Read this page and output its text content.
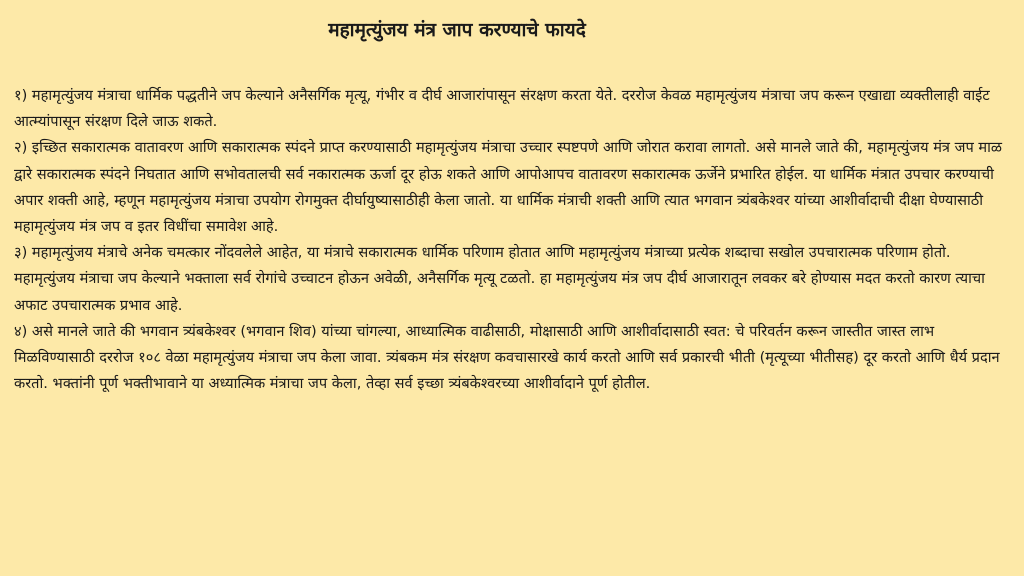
महामृत्युंजय मंत्र जाप करण्याचे फायदे

१) महामृत्युंजय मंत्राचा धार्मिक पद्धतीने जप केल्याने अनैसर्गिक मृत्यू, गंभीर व दीर्घ आजारांपासून संरक्षण करता येते. दररोज केवळ महामृत्युंजय मंत्राचा जप करून एखाद्या व्यक्तीलाही वाईट आत्म्यांपासून संरक्षण दिले जाऊ शकते.

२) इच्छित सकारात्मक वातावरण आणि सकारात्मक स्पंदने प्राप्त करण्यासाठी महामृत्युंजय मंत्राचा उच्चार स्पष्टपणे आणि जोरात करावा लागतो. असे मानले जाते की, महामृत्युंजय मंत्र जप माळ द्वारे सकारात्मक स्पंदने निघतात आणि सभोवतालची सर्व नकारात्मक ऊर्जा दूर होऊ शकते आणि आपोआपच वातावरण सकारात्मक ऊर्जेने प्रभारित होईल. या धार्मिक मंत्रात उपचार करण्याची अपार शक्ती आहे, म्हणून महामृत्युंजय मंत्राचा उपयोग रोगमुक्त दीर्घायुष्यासाठीही केला जातो. या धार्मिक मंत्राची शक्ती आणि त्यात भगवान त्र्यंबकेश्वर यांच्या आशीर्वादाची दीक्षा घेण्यासाठी महामृत्युंजय मंत्र जप व इतर विधींचा समावेश आहे.

३) महामृत्युंजय मंत्राचे अनेक चमत्कार नोंदवलेले आहेत, या मंत्राचे सकारात्मक धार्मिक परिणाम होतात आणि महामृत्युंजय मंत्राच्या प्रत्येक शब्दाचा सखोल उपचारात्मक परिणाम होतो. महामृत्युंजय मंत्राचा जप केल्याने भक्ताला सर्व रोगांचे उच्चाटन होऊन अवेळी, अनैसर्गिक मृत्यू टळतो. हा महामृत्युंजय मंत्र जप दीर्घ आजारातून लवकर बरे होण्यास मदत करतो कारण त्याचा अफाट उपचारात्मक प्रभाव आहे.

४) असे मानले जाते की भगवान त्र्यंबकेश्वर (भगवान शिव) यांच्या चांगल्या, आध्यात्मिक वाढीसाठी, मोक्षासाठी आणि आशीर्वादासाठी स्वत: चे परिवर्तन करून जास्तीत जास्त लाभ मिळविण्यासाठी दररोज १०८ वेळा महामृत्युंजय मंत्राचा जप केला जावा. त्र्यंबकम मंत्र संरक्षण कवचासारखे कार्य करतो आणि सर्व प्रकारची भीती (मृत्यूच्या भीतीसह) दूर करतो आणि धैर्य प्रदान करतो. भक्तांनी पूर्ण भक्तीभावाने या अध्यात्मिक मंत्राचा जप केला, तेव्हा सर्व इच्छा त्र्यंबकेश्वरच्या आशीर्वादाने पूर्ण होतील.
